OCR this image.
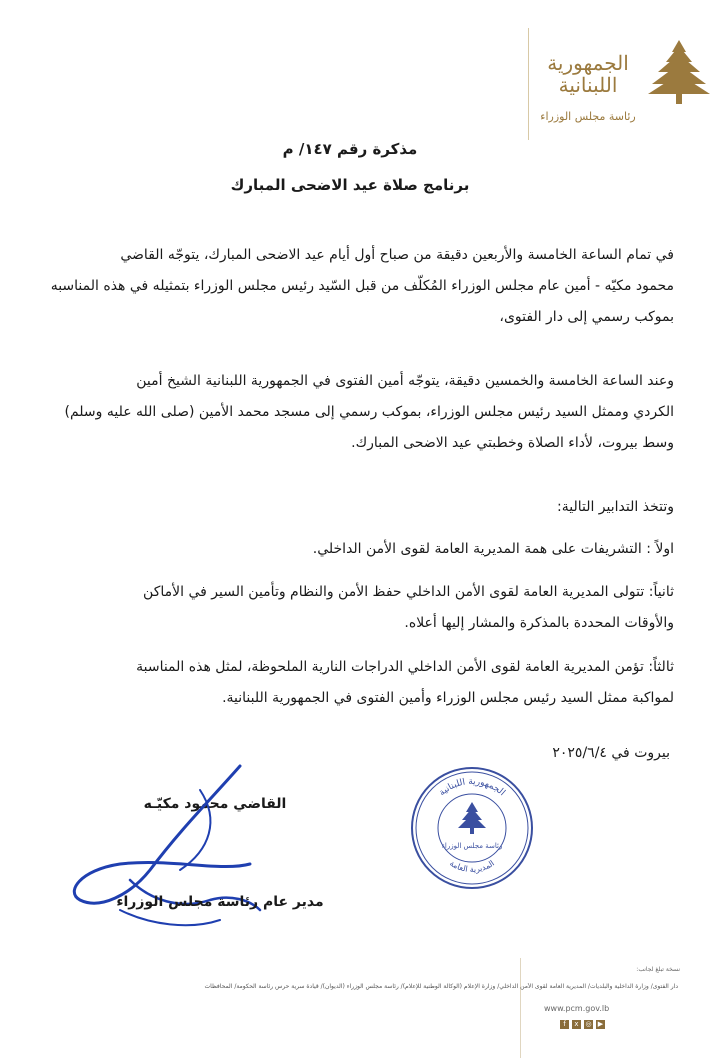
الجمهورية
اللبنانية
رئاسة مجلس الوزراء
مذكرة رقم ١٤٧/ م
برنامج صلاة عيد الاضحى المبارك
في تمام الساعة الخامسة والأربعين دقيقة من صباح أول أيام عيد الاضحى المبارك، يتوجّه القاضي
محمود مكيّه - أمين عام مجلس الوزراء المُكلّف من قبل السّيد رئيس مجلس الوزراء بتمثيله في هذه المناسبه
بموكب رسمي إلى دار الفتوى،
وعند الساعة الخامسة والخمسين دقيقة، يتوجّه أمين الفتوى في الجمهورية اللبنانية الشيخ أمين
الكردي وممثل السيد رئيس مجلس الوزراء، بموكب رسمي إلى مسجد محمد الأمين (صلى الله عليه وسلم)
وسط بيروت، لأداء الصلاة وخطبتي عيد الاضحى المبارك.
وتتخذ التدابير التالية:
اولاً : التشريفات على همة المديرية العامة لقوى الأمن الداخلي.
ثانياً: تتولى المديرية العامة لقوى الأمن الداخلي حفظ الأمن والنظام وتأمين السير في الأماكن
والأوقات المحددة بالمذكرة والمشار إليها أعلاه.
ثالثاً: تؤمن المديرية العامة لقوى الأمن الداخلي الدراجات النارية الملحوظة، لمثل هذه المناسبة
لمواكبة ممثل السيد رئيس مجلس الوزراء وأمين الفتوى في الجمهورية اللبنانية.
بيروت في ٢٠٢٥/٦/٤
الجمهورية اللبنانية
المديرية العامة
رئاسة مجلس الوزراء
القاضي محمود مكيّـه
مدير عام رئاسة مجلس الوزراء
نسخة تبلغ لجانب:
دار الفتوى/ وزارة الداخلية والبلديات/ المديرية العامة لقوى الأمن الداخلي/ وزارة الإعلام (الوكالة الوطنية للإعلام)/ رئاسة مجلس الوزراء (الديوان)/ قيادة سرية حرس رئاسة الحكومة/ المحافظات
www.pcm.gov.lb
f	x ◎ ▶
